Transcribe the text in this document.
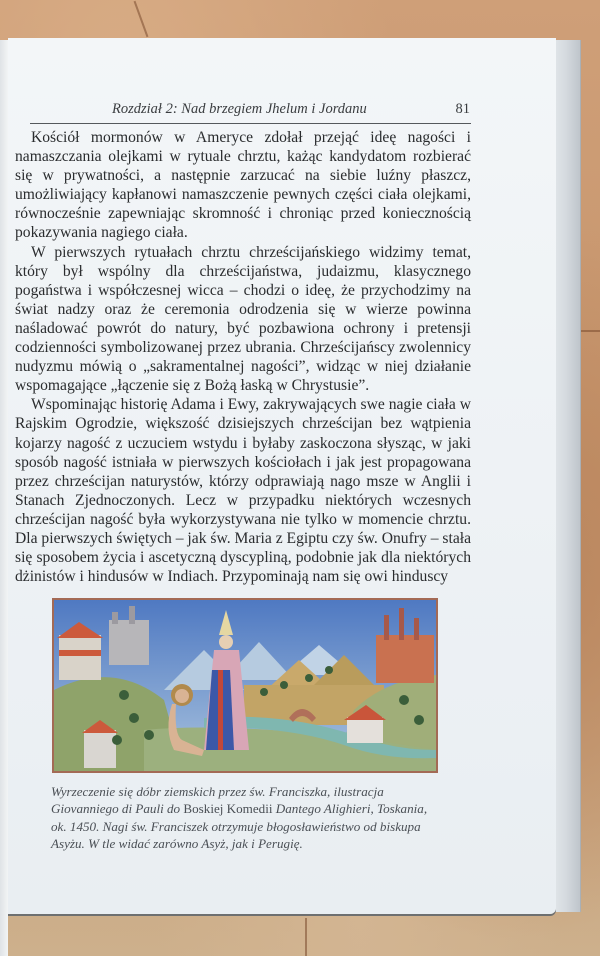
Rozdział 2: Nad brzegiem Jhelum i Jordanu	81

Kościół mormonów w Ameryce zdołał przejąć ideę nagości i namaszczania olejkami w rytuale chrztu, każąc kandydatom rozbierać się w prywatności, a następnie zarzucać na siebie luźny płaszcz, umożliwiający kapłanowi namaszczenie pewnych części ciała olejkami, równocześnie zapewniając skromność i chroniąc przed koniecznością pokazywania nagiego ciała.

W pierwszych rytuałach chrztu chrześcijańskiego widzimy temat, który był wspólny dla chrześcijaństwa, judaizmu, klasycznego pogaństwa i współczesnej wicca – chodzi o ideę, że przychodzimy na świat nadzy oraz że ceremonia odrodzenia się w wierze powinna naśladować powrót do natury, być pozbawiona ochrony i pretensji codzienności symbolizowanej przez ubrania. Chrześcijańscy zwolennicy nudyzmu mówią o „sakramentalnej nagości”, widząc w niej działanie wspomagające „łączenie się z Bożą łaską w Chrystusie”.

Wspominając historię Adama i Ewy, zakrywających swe nagie ciała w Rajskim Ogrodzie, większość dzisiejszych chrześcijan bez wątpienia kojarzy nagość z uczuciem wstydu i byłaby zaskoczona słysząc, w jaki sposób nagość istniała w pierwszych kościołach i jak jest propagowana przez chrześcijan naturystów, którzy odprawiają nago msze w Anglii i Stanach Zjednoczonych. Lecz w przypadku niektórych wczesnych chrześcijan nagość była wykorzystywana nie tylko w momencie chrztu. Dla pierwszych świętych – jak św. Maria z Egiptu czy św. Onufry – stała się sposobem życia i ascetyczną dyscypliną, podobnie jak dla niektórych dżinistów i hindusów w Indiach. Przypominają nam się owi hinduscy

Wyrzeczenie się dóbr ziemskich przez św. Franciszka, ilustracja Giovanniego di Pauli do Boskiej Komedii Dantego Alighieri, Toskania, ok. 1450. Nagi św. Franciszek otrzymuje błogosławieństwo od biskupa Asyżu. W tle widać zarówno Asyż, jak i Perugię.
